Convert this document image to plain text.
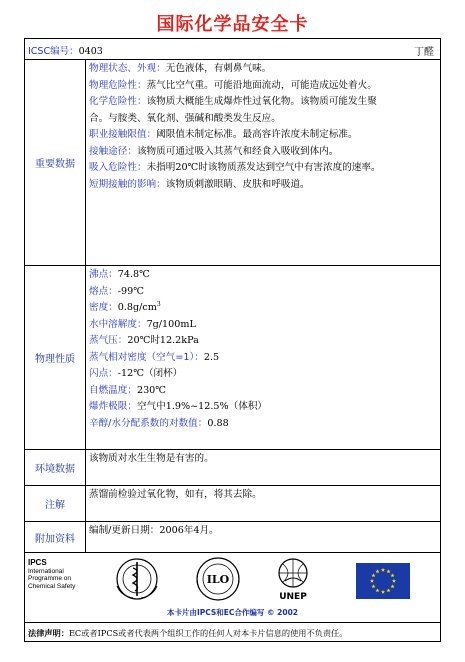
国际化学品安全卡
ICSC编号：0403	丁醛
重要数据
物理状态、外观：无色液体，有刺鼻气味。
物理危险性：蒸气比空气重。可能沿地面流动，可能造成远处着火。
化学危险性：该物质大概能生成爆炸性过氧化物。该物质可能发生聚
合。与胺类、氧化剂、强碱和酸类发生反应。
职业接触限值：阈限值未制定标准。最高容许浓度未制定标准。
接触途径：该物质可通过吸入其蒸气和经食入吸收到体内。
吸入危险性：未指明20℃时该物质蒸发达到空气中有害浓度的速率。
短期接触的影响：该物质刺激眼睛、皮肤和呼吸道。
物理性质
沸点：74.8℃
熔点：-99℃
密度：$0.8g/cm^3$
水中溶解度：7g/100mL
蒸气压：20℃时12.2kPa
蒸气相对密度（空气=1）：2.5
闪点：-12℃（闭杯）
自燃温度：230℃
爆炸极限：空气中1.9%~12.5%（体积）
辛醇/水分配系数的对数值：0.88
环境数据
该物质对水生生物是有害的。
注解
蒸馏前检验过氧化物，如有，将其去除。
附加资料
编制/更新日期：2006年4月。
IPCS
International
Programme on
Chemical Safety	ILO
UNEP
本卡片由IPCS和EC合作编写 © 2002
法律声明：EC或者IPCS或者代表两个组织工作的任何人对本卡片信息的使用不负责任。
